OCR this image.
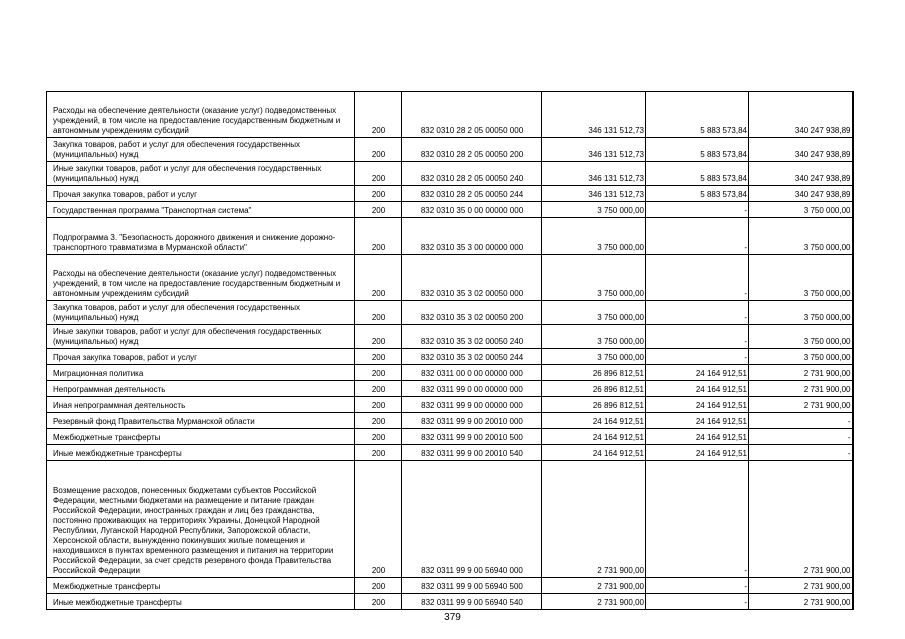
Расходы на обеспечение деятельности (оказание услуг) подведомственных учреждений, в том числе на предоставление государственным бюджетным и автономным учреждениям субсидий	200	832 0310 28 2 05 00050 000	346 131 512,73	5 883 573,84	340 247 938,89
Закупка товаров, работ и услуг для обеспечения государственных (муниципальных) нужд	200	832 0310 28 2 05 00050 200	346 131 512,73	5 883 573,84	340 247 938,89
Иные закупки товаров, работ и услуг для обеспечения государственных (муниципальных) нужд	200	832 0310 28 2 05 00050 240	346 131 512,73	5 883 573,84	340 247 938,89
Прочая закупка товаров, работ и услуг	200	832 0310 28 2 05 00050 244	346 131 512,73	5 883 573,84	340 247 938,89
Государственная программа "Транспортная система"	200	832 0310 35 0 00 00000 000	3 750 000,00	-	3 750 000,00
Подпрограмма 3. "Безопасность дорожного движения и снижение дорожно-транспортного травматизма в Мурманской области"	200	832 0310 35 3 00 00000 000	3 750 000,00	-	3 750 000,00
Расходы на обеспечение деятельности (оказание услуг) подведомственных учреждений, в том числе на предоставление государственным бюджетным и автономным учреждениям субсидий	200	832 0310 35 3 02 00050 000	3 750 000,00	-	3 750 000,00
Закупка товаров, работ и услуг для обеспечения государственных (муниципальных) нужд	200	832 0310 35 3 02 00050 200	3 750 000,00	-	3 750 000,00
Иные закупки товаров, работ и услуг для обеспечения государственных (муниципальных) нужд	200	832 0310 35 3 02 00050 240	3 750 000,00	-	3 750 000,00
Прочая закупка товаров, работ и услуг	200	832 0310 35 3 02 00050 244	3 750 000,00	-	3 750 000,00
Миграционная политика	200	832 0311 00 0 00 00000 000	26 896 812,51	24 164 912,51	2 731 900,00
Непрограммная деятельность	200	832 0311 99 0 00 00000 000	26 896 812,51	24 164 912,51	2 731 900,00
Иная непрограммная деятельность	200	832 0311 99 9 00 00000 000	26 896 812,51	24 164 912,51	2 731 900,00
Резервный фонд Правительства Мурманской области	200	832 0311 99 9 00 20010 000	24 164 912,51	24 164 912,51	-
Межбюджетные трансферты	200	832 0311 99 9 00 20010 500	24 164 912,51	24 164 912,51	-
Иные межбюджетные трансферты	200	832 0311 99 9 00 20010 540	24 164 912,51	24 164 912,51	-
Возмещение расходов, понесенных бюджетами субъектов Российской Федерации, местными бюджетами на размещение и питание граждан Российской Федерации, иностранных граждан и лиц без гражданства, постоянно проживающих на территориях Украины, Донецкой Народной Республики, Луганской Народной Республики, Запорожской области, Херсонской области, вынужденно покинувших жилые помещения и находившихся в пунктах временного размещения и питания на территории Российской Федерации, за счет средств резервного фонда Правительства Российской Федерации	200	832 0311 99 9 00 56940 000	2 731 900,00	-	2 731 900,00
Межбюджетные трансферты	200	832 0311 99 9 00 56940 500	2 731 900,00	-	2 731 900,00
Иные межбюджетные трансферты	200	832 0311 99 9 00 56940 540	2 731 900,00	-	2 731 900,00
379
